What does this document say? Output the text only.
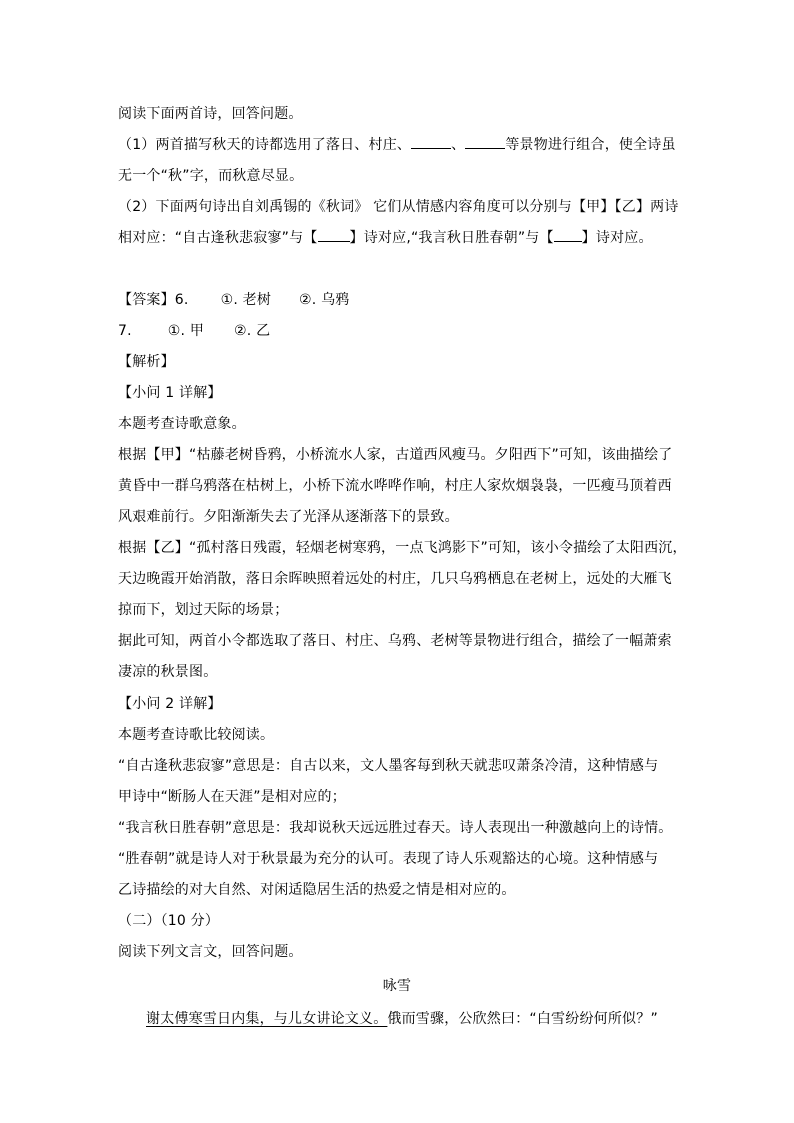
阅读下面两首诗，回答问题。
（1）两首描写秋天的诗都选用了落日、村庄、	、	等景物进行组合，使全诗虽
无一个“秋”字，而秋意尽显。
（2）下面两句诗出自刘禹锡的《秋词》 它们从情感内容角度可以分别与【甲】【乙】两诗
相对应：“自古逢秋悲寂寥”与【 】诗对应,“我言秋日胜春朝”与【 】诗对应。
【答案】6. ①. 老树 ②. 乌鸦
7.	①. 甲 ②. 乙
【解析】
【小问 1 详解】
本题考查诗歌意象。
根据【甲】“枯藤老树昏鸦，小桥流水人家，古道西风瘦马。夕阳西下”可知，该曲描绘了
黄昏中一群乌鸦落在枯树上，小桥下流水哗哗作响，村庄人家炊烟袅袅，一匹瘦马顶着西
风艰难前行。夕阳渐渐失去了光泽从逐渐落下的景致。
根据【乙】“孤村落日残霞，轻烟老树寒鸦，一点飞鸿影下”可知，该小令描绘了太阳西沉，
天边晚霞开始消散，落日余晖映照着远处的村庄，几只乌鸦栖息在老树上，远处的大雁飞
掠而下，划过天际的场景；
据此可知，两首小令都选取了落日、村庄、乌鸦、老树等景物进行组合，描绘了一幅萧索
凄凉的秋景图。
【小问 2 详解】
本题考查诗歌比较阅读。
“自古逢秋悲寂寥”意思是：自古以来，文人墨客每到秋天就悲叹萧条冷清，这种情感与
甲诗中“断肠人在天涯”是相对应的；
“我言秋日胜春朝”意思是：我却说秋天远远胜过春天。诗人表现出一种激越向上的诗情。
“胜春朝”就是诗人对于秋景最为充分的认可。表现了诗人乐观豁达的心境。这种情感与
乙诗描绘的对大自然、对闲适隐居生活的热爱之情是相对应的。
（二）（10 分）
阅读下列文言文，回答问题。
咏雪
谢太傅寒雪日内集，与儿女讲论文义。俄而雪骤，公欣然曰：“白雪纷纷何所似？”
